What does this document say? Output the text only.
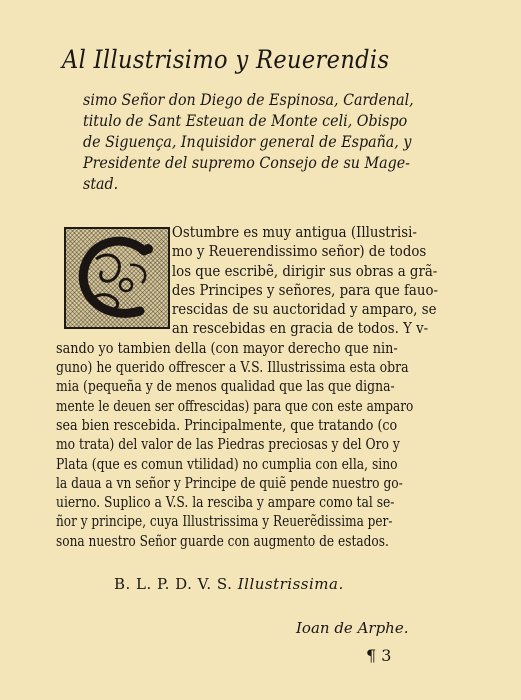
Al Illustrisimo y Reuerendis
simo Señor don Diego de Espinosa, Cardenal,
titulo de Sant Esteuan de Monte celi, Obispo
de Siguença, Inquisidor general de España, y
Presidente del supremo Consejo de su Mage-
stad.
Ostumbre es muy antigua (Illustrisi-
mo y Reuerendissimo señor) de todos
los que escribẽ, dirigir sus obras a grã-
des Principes y señores, para que fauo-
rescidas de su auctoridad y amparo, se
an rescebidas en gracia de todos. Y v-
sando yo tambien della (con mayor derecho que nin-
guno) he querido offrescer a V.S. Illustrissima esta obra
mia (pequeña y de menos qualidad que las que digna-
mente le deuen ser offrescidas) para que con este amparo
sea bien rescebida. Principalmente, que tratando (co
mo trata) del valor de las Piedras preciosas y del Oro y
Plata (que es comun vtilidad) no cumplia con ella, sino
la daua a vn señor y Principe de quiẽ pende nuestro go-
uierno. Suplico a V.S. la rescibа y ampare como tal se-
ñor y principe, cuya Illustrissima y Reuerẽdissima per-
sona nuestro Señor guarde con augmento de estados.
B. L. P. D. V. S. Illustrissima.
Ioan de Arphe.
¶ 3
